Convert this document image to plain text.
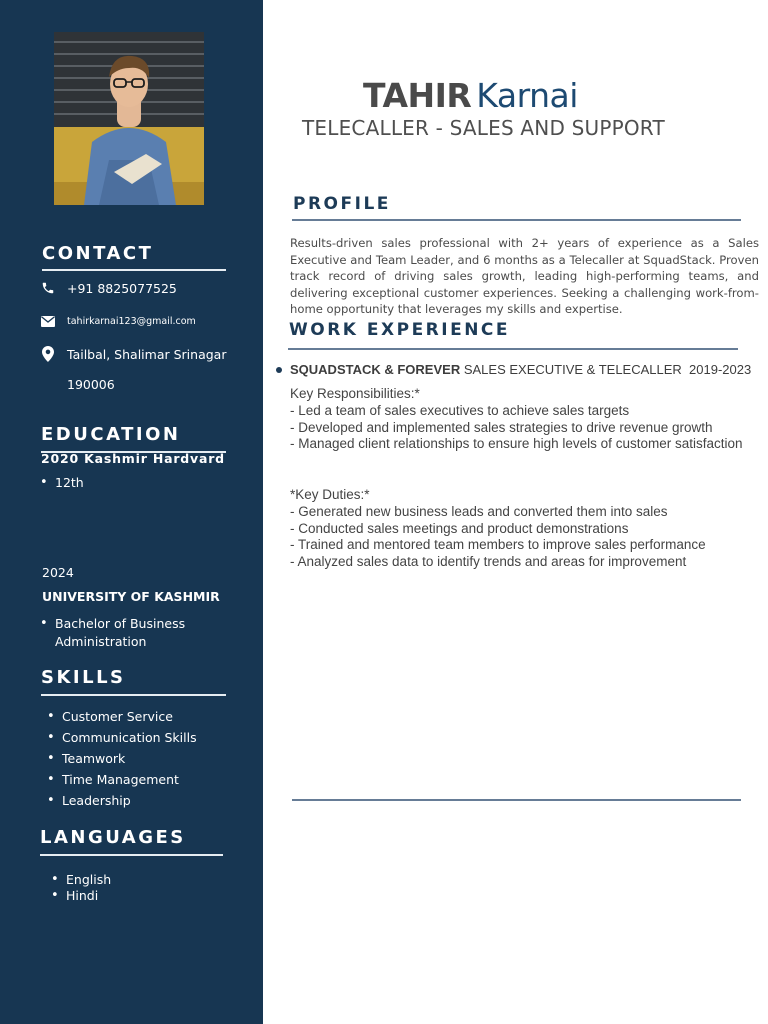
CONTACT
+91 8825077525
tahirkarnai123@gmail.com
Tailbal, Shalimar Srinagar
190006
EDUCATION
2020 Kashmir Hardvard
• 12th
2024
UNIVERSITY OF KASHMIR
• Bachelor of Business Administration
SKILLS
• Customer Service
• Communication Skills
• Teamwork
• Time Management
• Leadership
LANGUAGES
• English
• Hindi
TAHIR Karnai
TELECALLER - SALES AND SUPPORT
PROFILE
Results-driven sales professional with 2+ years of experience as a Sales Executive and Team Leader, and 6 months as a Telecaller at SquadStack. Proven track record of driving sales growth, leading high-performing teams, and delivering exceptional customer experiences. Seeking a challenging work-from-home opportunity that leverages my skills and expertise.
WORK EXPERIENCE
SQUADSTACK & FOREVER SALES EXECUTIVE & TELECALLER 2019-2023
Key Responsibilities:*
- Led a team of sales executives to achieve sales targets
- Developed and implemented sales strategies to drive revenue growth
- Managed client relationships to ensure high levels of customer satisfaction
*Key Duties:*
- Generated new business leads and converted them into sales
- Conducted sales meetings and product demonstrations
- Trained and mentored team members to improve sales performance
- Analyzed sales data to identify trends and areas for improvement
